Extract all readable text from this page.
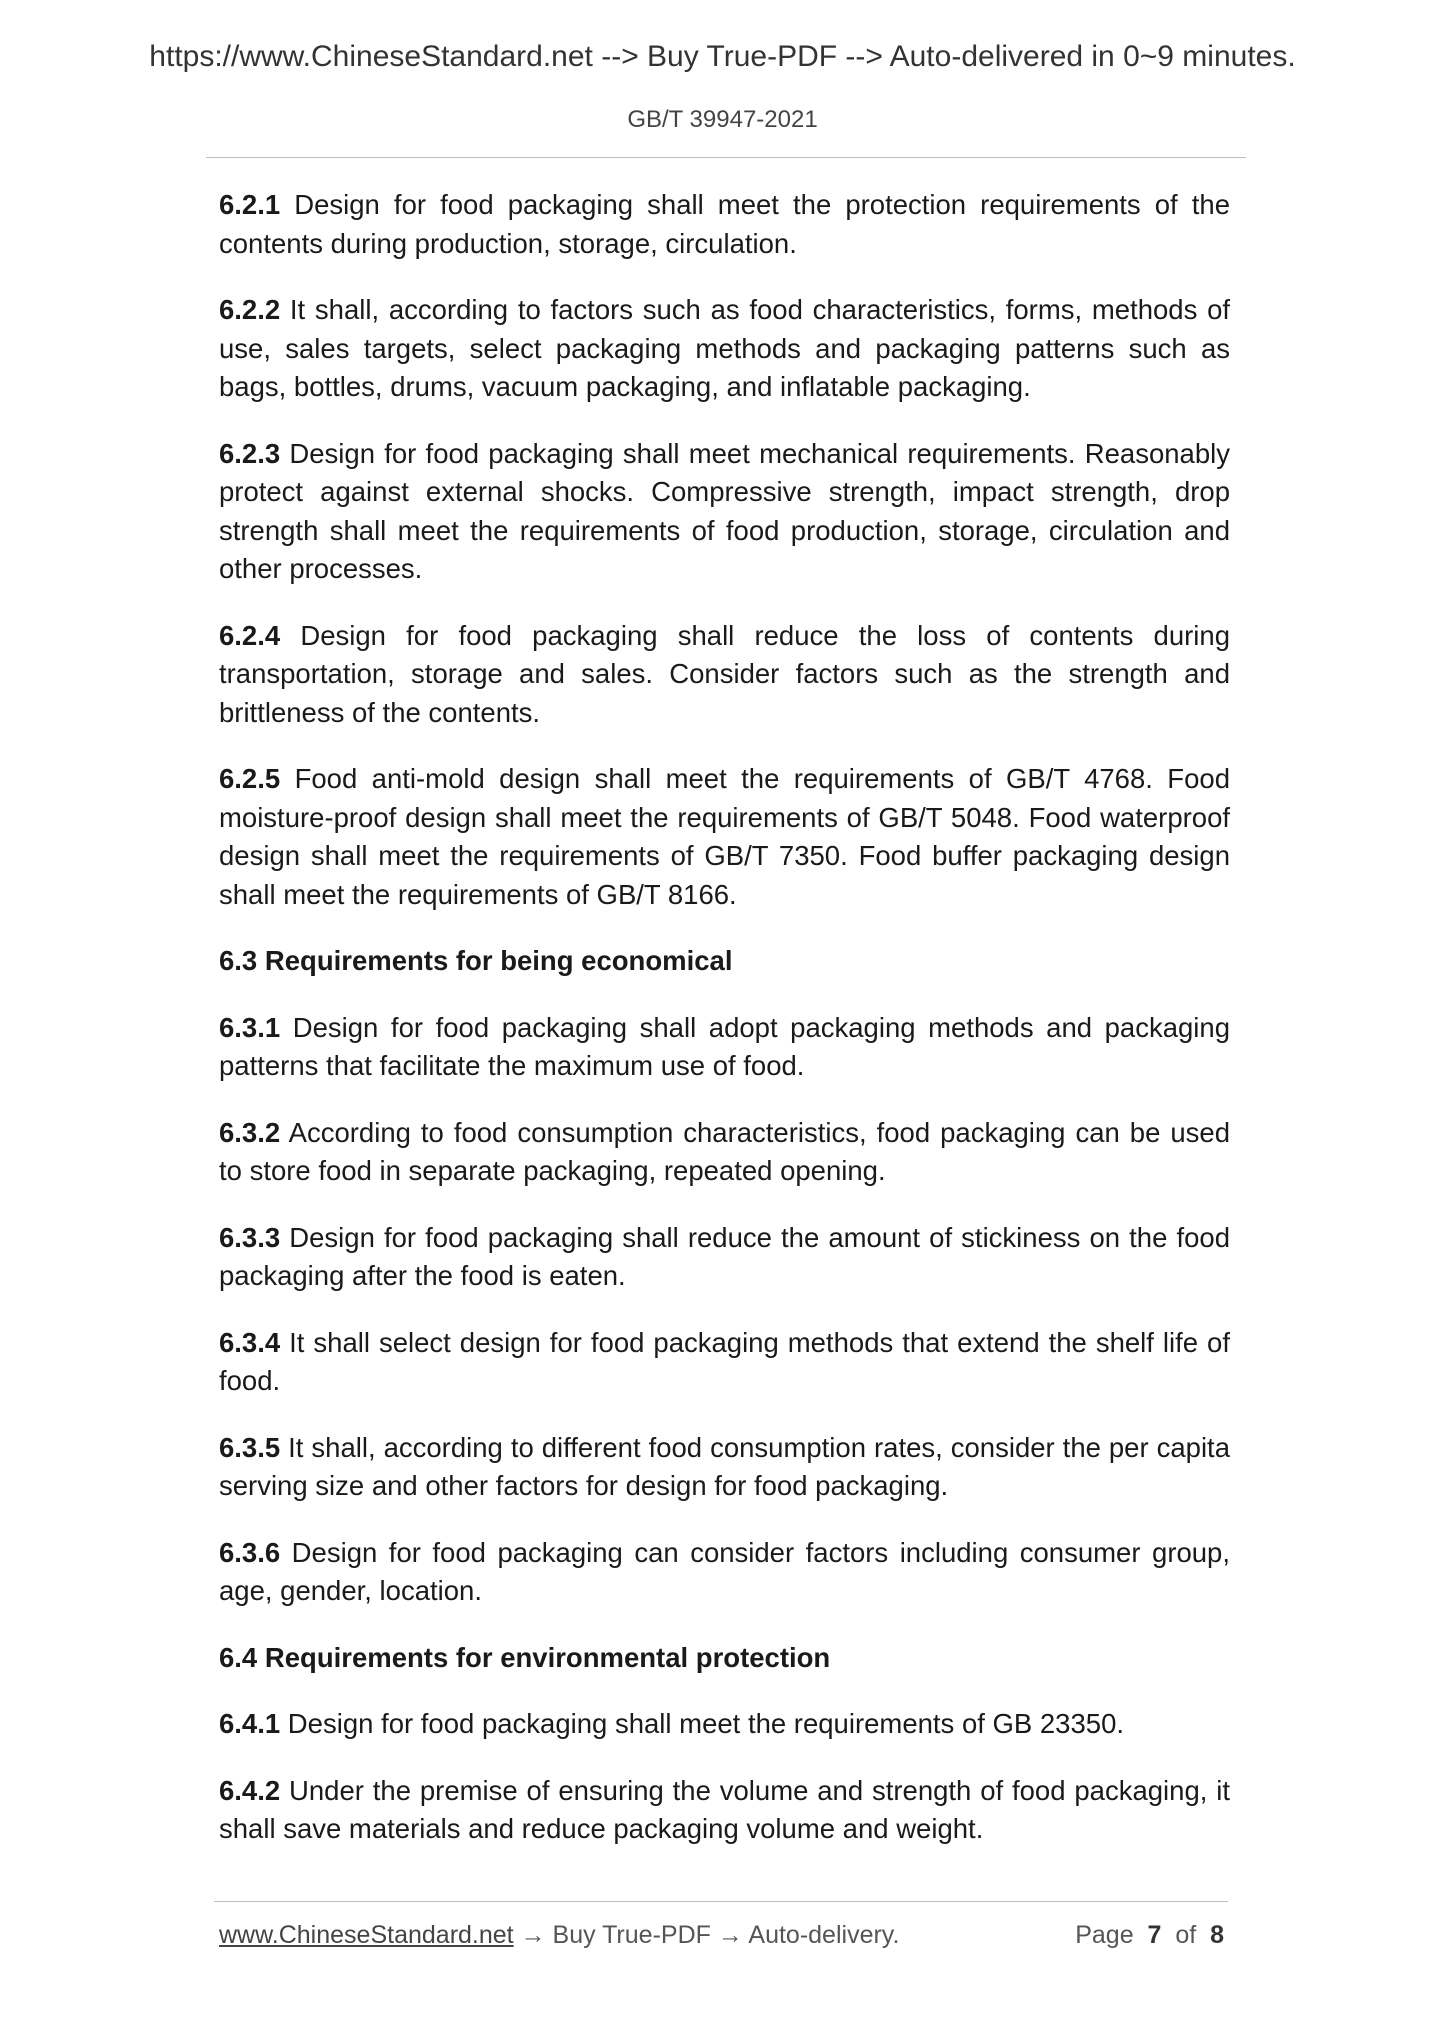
https://www.ChineseStandard.net --> Buy True-PDF --> Auto-delivered in 0~9 minutes.
GB/T 39947-2021

6.2.1 Design for food packaging shall meet the protection requirements of the contents during production, storage, circulation.

6.2.2 It shall, according to factors such as food characteristics, forms, methods of use, sales targets, select packaging methods and packaging patterns such as bags, bottles, drums, vacuum packaging, and inflatable packaging.

6.2.3 Design for food packaging shall meet mechanical requirements. Reasonably protect against external shocks. Compressive strength, impact strength, drop strength shall meet the requirements of food production, storage, circulation and other processes.

6.2.4 Design for food packaging shall reduce the loss of contents during transportation, storage and sales. Consider factors such as the strength and brittleness of the contents.

6.2.5 Food anti-mold design shall meet the requirements of GB/T 4768. Food moisture-proof design shall meet the requirements of GB/T 5048. Food waterproof design shall meet the requirements of GB/T 7350. Food buffer packaging design shall meet the requirements of GB/T 8166.

6.3 Requirements for being economical

6.3.1 Design for food packaging shall adopt packaging methods and packaging patterns that facilitate the maximum use of food.

6.3.2 According to food consumption characteristics, food packaging can be used to store food in separate packaging, repeated opening.

6.3.3 Design for food packaging shall reduce the amount of stickiness on the food packaging after the food is eaten.

6.3.4 It shall select design for food packaging methods that extend the shelf life of food.

6.3.5 It shall, according to different food consumption rates, consider the per capita serving size and other factors for design for food packaging.

6.3.6 Design for food packaging can consider factors including consumer group, age, gender, location.

6.4 Requirements for environmental protection

6.4.1 Design for food packaging shall meet the requirements of GB 23350.

6.4.2 Under the premise of ensuring the volume and strength of food packaging, it shall save materials and reduce packaging volume and weight.

www.ChineseStandard.net → Buy True-PDF → Auto-delivery.	Page 7 of 8
